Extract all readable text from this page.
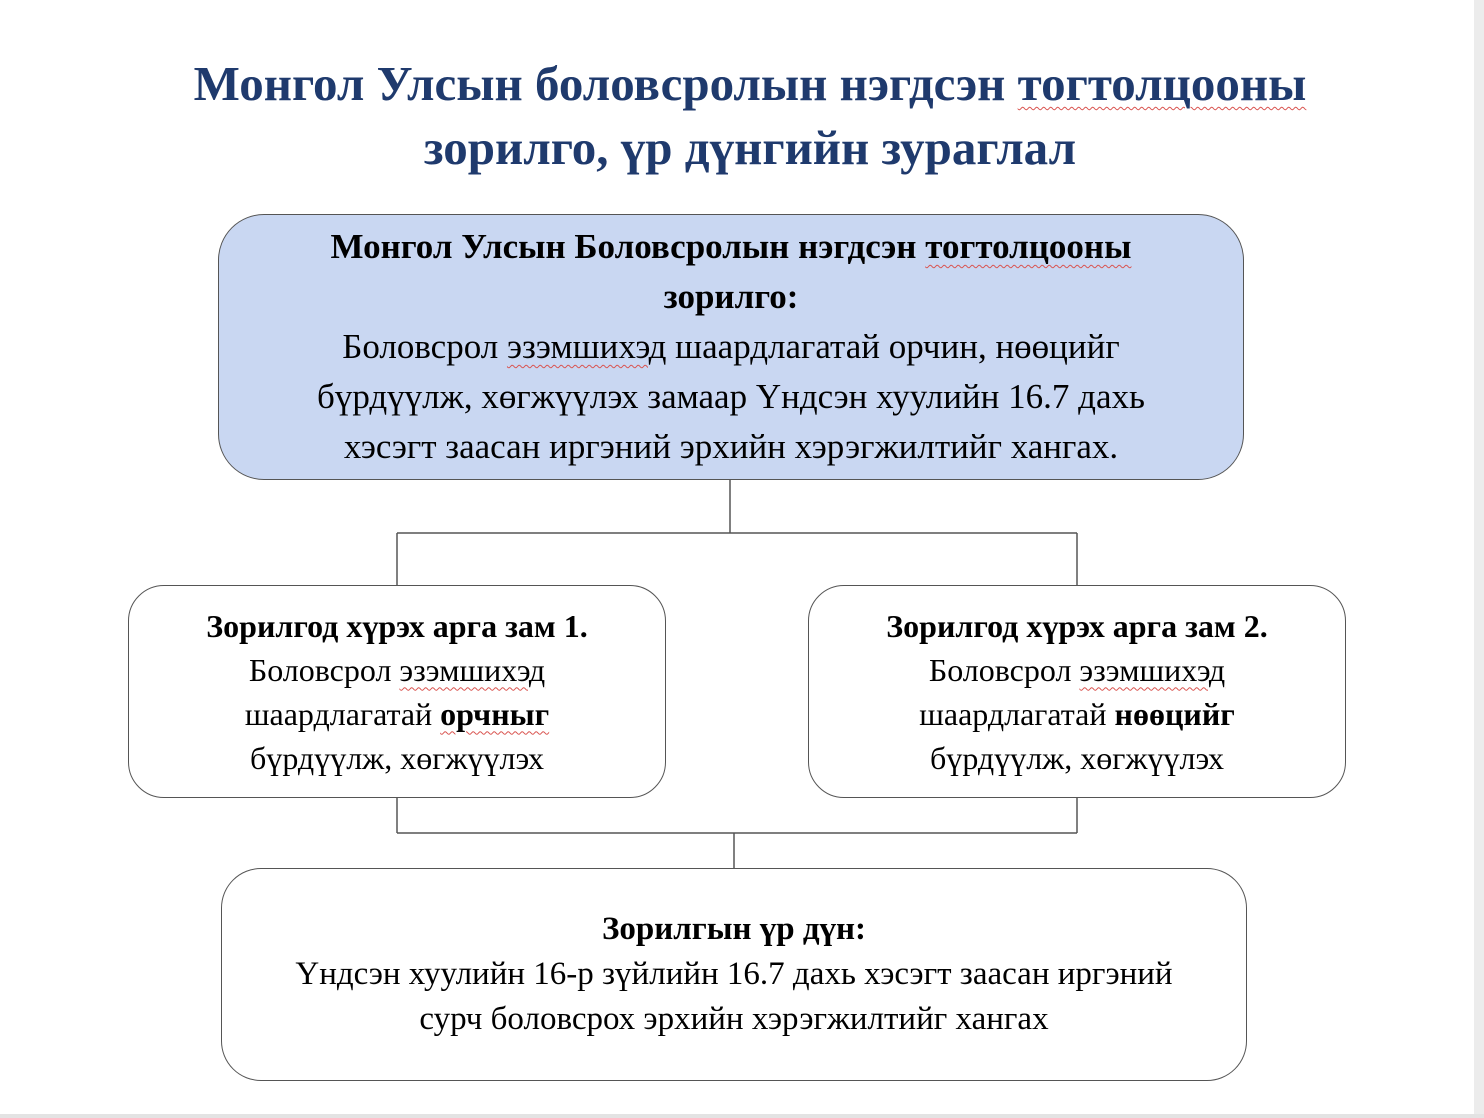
Монгол Улсын боловсролын нэгдсэн тогтолцооны
зорилго, үр дүнгийн зураглал
Монгол Улсын Боловсролын нэгдсэн тогтолцооны
зорилго:
Боловсрол эзэмшихэд шаардлагатай орчин, нөөцийг
бүрдүүлж, хөгжүүлэх замаар Үндсэн хуулийн 16.7 дахь
хэсэгт заасан иргэний эрхийн хэрэгжилтийг хангах.
Зорилгод хүрэх арга зам 1.
Боловсрол эзэмшихэд
шаардлагатай орчныг
бүрдүүлж, хөгжүүлэх
Зорилгод хүрэх арга зам 2.
Боловсрол эзэмшихэд
шаардлагатай нөөцийг
бүрдүүлж, хөгжүүлэх
Зорилгын үр дүн:
Үндсэн хуулийн 16-р зүйлийн 16.7 дахь хэсэгт заасан иргэний
сурч боловсрох эрхийн хэрэгжилтийг хангах
